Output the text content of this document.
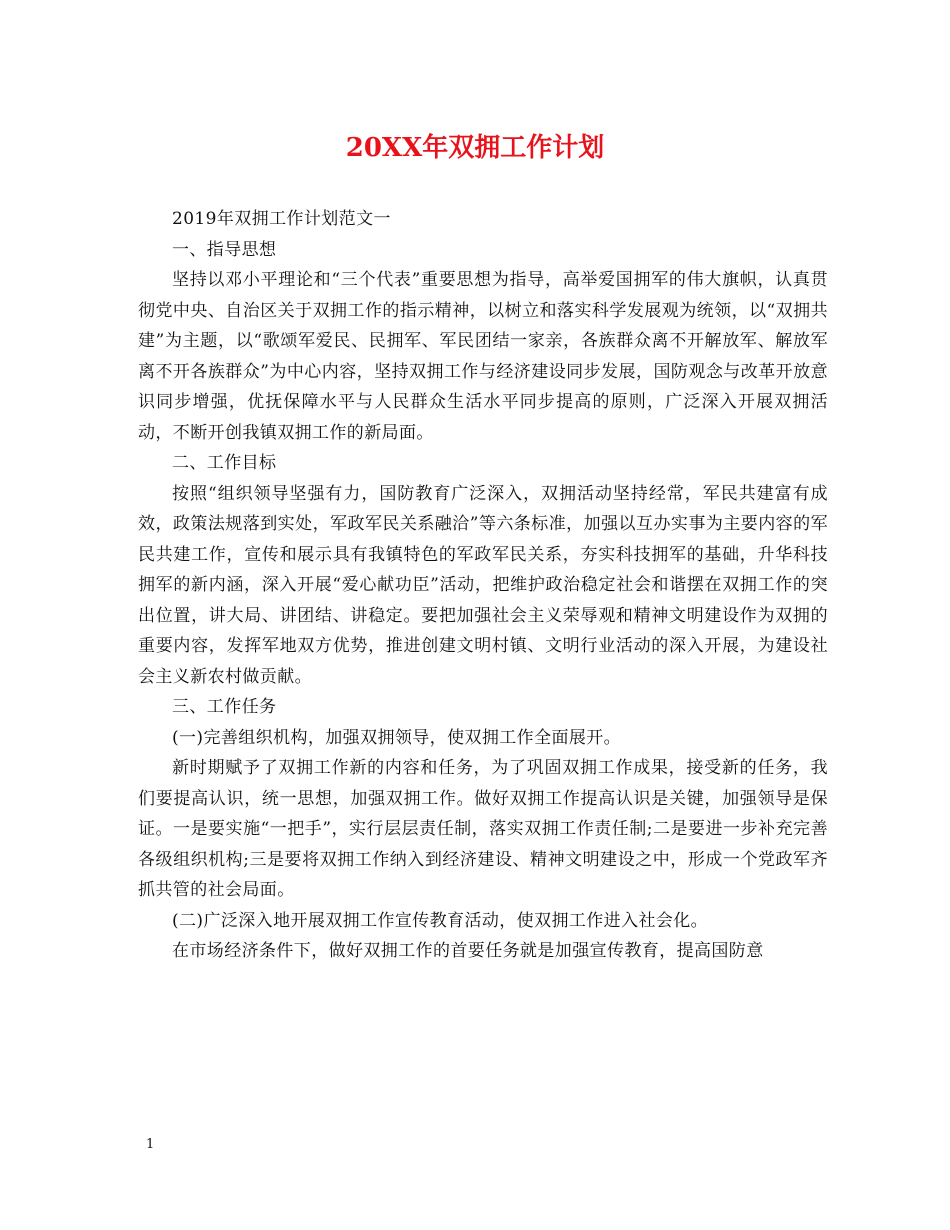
20XX年双拥工作计划

2019年双拥工作计划范文一

一、指导思想

坚持以邓小平理论和“三个代表”重要思想为指导，高举爱国拥军的伟大旗帜，认真贯彻党中央、自治区关于双拥工作的指示精神，以树立和落实科学发展观为统领，以“双拥共建”为主题，以“歌颂军爱民、民拥军、军民团结一家亲，各族群众离不开解放军、解放军离不开各族群众”为中心内容，坚持双拥工作与经济建设同步发展，国防观念与改革开放意识同步增强，优抚保障水平与人民群众生活水平同步提高的原则，广泛深入开展双拥活动，不断开创我镇双拥工作的新局面。

二、工作目标

按照“组织领导坚强有力，国防教育广泛深入，双拥活动坚持经常，军民共建富有成效，政策法规落到实处，军政军民关系融洽”等六条标准，加强以互办实事为主要内容的军民共建工作，宣传和展示具有我镇特色的军政军民关系，夯实科技拥军的基础，升华科技拥军的新内涵，深入开展“爱心献功臣”活动，把维护政治稳定社会和谐摆在双拥工作的突出位置，讲大局、讲团结、讲稳定。要把加强社会主义荣辱观和精神文明建设作为双拥的重要内容，发挥军地双方优势，推进创建文明村镇、文明行业活动的深入开展，为建设社会主义新农村做贡献。

三、工作任务

(一)完善组织机构，加强双拥领导，使双拥工作全面展开。

新时期赋予了双拥工作新的内容和任务，为了巩固双拥工作成果，接受新的任务，我们要提高认识，统一思想，加强双拥工作。做好双拥工作提高认识是关键，加强领导是保证。一是要实施“一把手”，实行层层责任制，落实双拥工作责任制;二是要进一步补充完善各级组织机构;三是要将双拥工作纳入到经济建设、精神文明建设之中，形成一个党政军齐抓共管的社会局面。

(二)广泛深入地开展双拥工作宣传教育活动，使双拥工作进入社会化。

在市场经济条件下，做好双拥工作的首要任务就是加强宣传教育，提高国防意

1
